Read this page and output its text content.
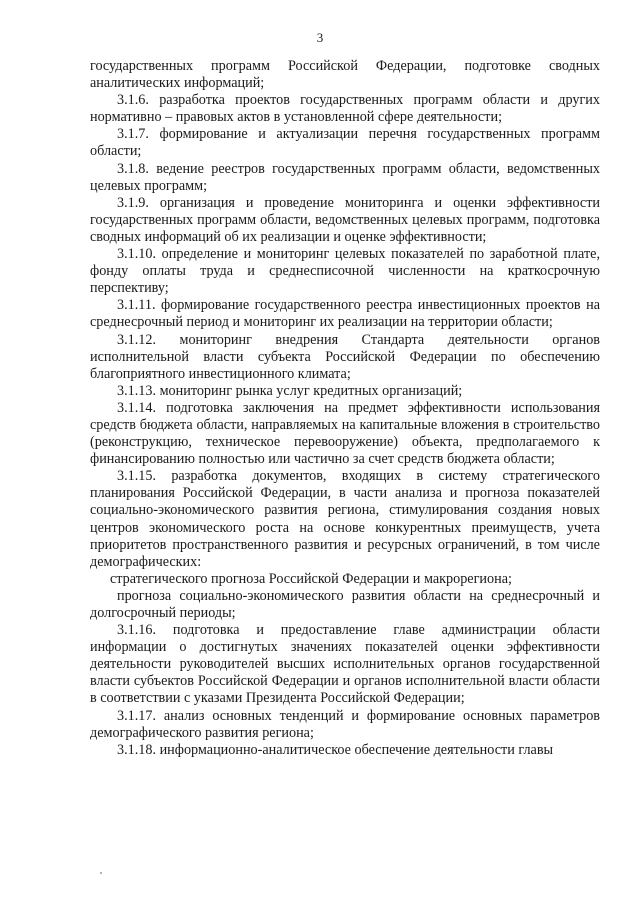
3

государственных программ Российской Федерации, подготовке сводных аналитических информаций;

3.1.6. разработка проектов государственных программ области и других нормативно – правовых актов в установленной сфере деятельности;

3.1.7. формирование и актуализации перечня государственных программ области;

3.1.8. ведение реестров государственных программ области, ведомственных целевых программ;

3.1.9. организация и проведение мониторинга и оценки эффективности государственных программ области, ведомственных целевых программ, подготовка сводных информаций об их реализации и оценке эффективности;

3.1.10. определение и мониторинг целевых показателей по заработной плате, фонду оплаты труда и среднесписочной численности на краткосрочную перспективу;

3.1.11. формирование государственного реестра инвестиционных проектов на среднесрочный период и мониторинг их реализации на территории области;

3.1.12. мониторинг внедрения Стандарта деятельности органов исполнительной власти субъекта Российской Федерации по обеспечению благоприятного инвестиционного климата;

3.1.13. мониторинг рынка услуг кредитных организаций;

3.1.14. подготовка заключения на предмет эффективности использования средств бюджета области, направляемых на капитальные вложения в строительство (реконструкцию, техническое перевооружение) объекта, предполагаемого к финансированию полностью или частично за счет средств бюджета области;

3.1.15. разработка документов, входящих в систему стратегического планирования Российской Федерации, в части анализа и прогноза показателей социально-экономического развития региона, стимулирования создания новых центров экономического роста на основе конкурентных преимуществ, учета приоритетов пространственного развития и ресурсных ограничений, в том числе демографических:

стратегического прогноза Российской Федерации и макрорегиона;

прогноза социально-экономического развития области на среднесрочный и долгосрочный периоды;

3.1.16. подготовка и предоставление главе администрации области информации о достигнутых значениях показателей оценки эффективности деятельности руководителей высших исполнительных органов государственной власти субъектов Российской Федерации и органов исполнительной власти области в соответствии с указами Президента Российской Федерации;

3.1.17. анализ основных тенденций и формирование основных параметров демографического развития региона;

3.1.18. информационно-аналитическое обеспечение деятельности главы
